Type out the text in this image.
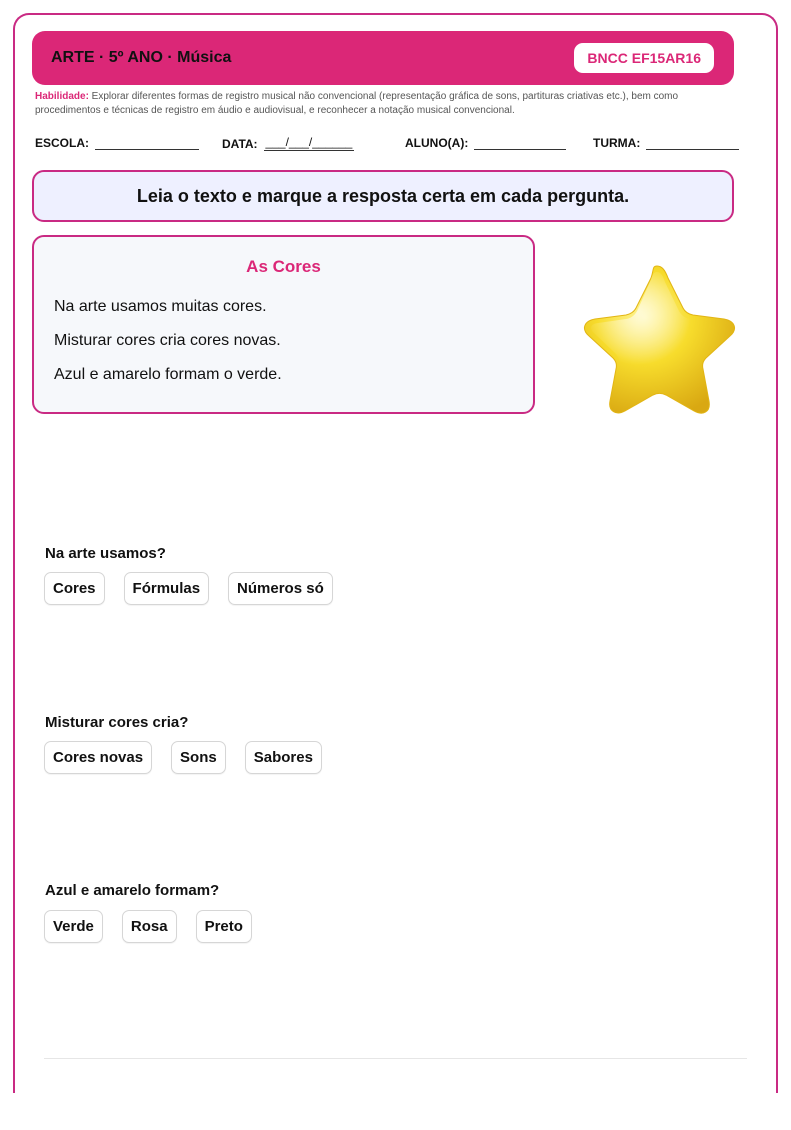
ARTE · 5º ANO · Música	BNCC EF15AR16
Habilidade: Explorar diferentes formas de registro musical não convencional (representação gráfica de sons, partituras criativas etc.), bem como procedimentos e técnicas de registro em áudio e audiovisual, e reconhecer a notação musical convencional.
ESCOLA:	DATA: ___/___/______	ALUNO(A):	TURMA:
Leia o texto e marque a resposta certa em cada pergunta.
As Cores
Na arte usamos muitas cores.
Misturar cores cria cores novas.
Azul e amarelo formam o verde.
Na arte usamos?
Cores	Fórmulas	Números só
Misturar cores cria?
Cores novas	Sons	Sabores
Azul e amarelo formam?
Verde	Rosa	Preto
